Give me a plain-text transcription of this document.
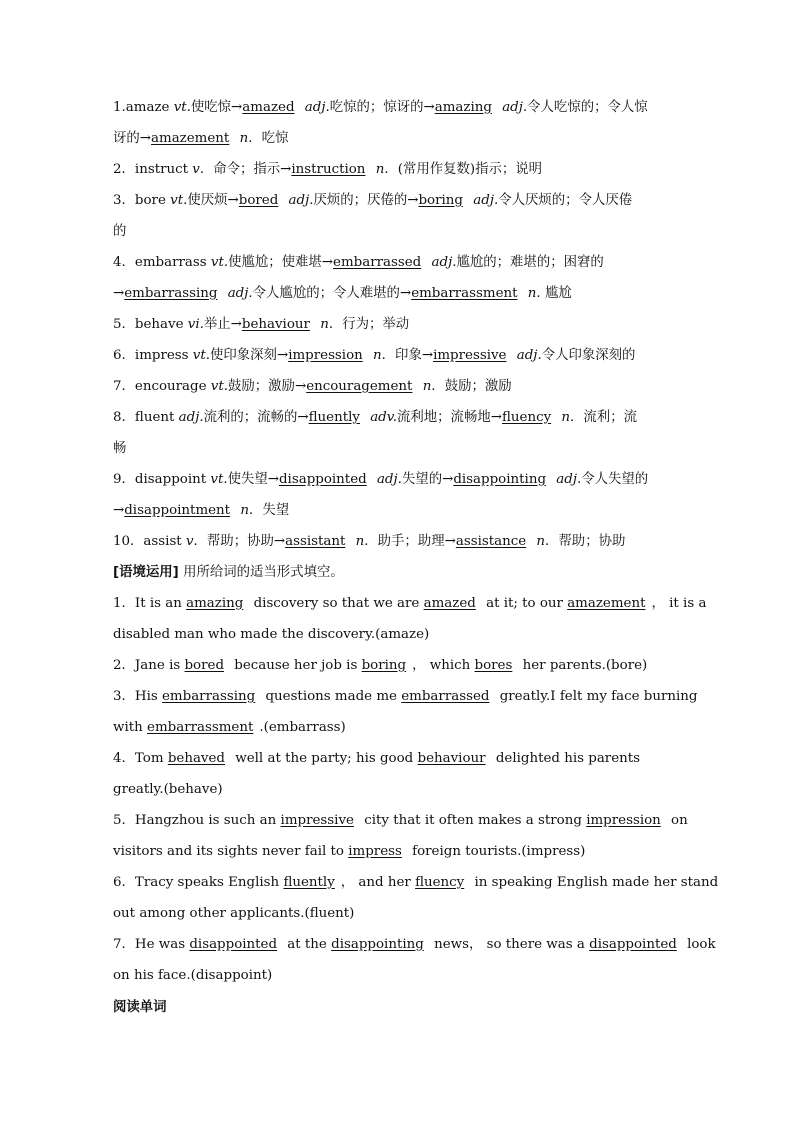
1.amaze vt.使吃惊→amazed adj.吃惊的；惊讶的→amazing adj.令人吃惊的；令人惊
讶的→amazement n．吃惊
2．instruct v．命令；指示→instruction n．(常用作复数)指示；说明
3．bore vt.使厌烦→bored adj.厌烦的；厌倦的→boring adj.令人厌烦的；令人厌倦
的
4．embarrass vt.使尴尬；使难堪→embarrassed adj.尴尬的；难堪的；困窘的
→embarrassing adj.令人尴尬的；令人难堪的→embarrassment n. 尴尬
5．behave vi.举止→behaviour n．行为；举动
6．impress vt.使印象深刻→impression n．印象→impressive adj.令人印象深刻的
7．encourage vt.鼓励；激励→encouragement n．鼓励；激励
8．fluent adj.流利的；流畅的→fluently adv.流利地；流畅地→fluency n．流利；流
畅
9．disappoint vt.使失望→disappointed adj.失望的→disappointing adj.令人失望的
→disappointment n．失望
10．assist v．帮助；协助→assistant n．助手；助理→assistance n．帮助；协助
[语境运用] 用所给词的适当形式填空。
1．It is an amazing discovery so that we are amazed at it; to our amazement ， it is a
disabled man who made the discovery.(amaze)
2．Jane is bored because her job is boring ， which bores her parents.(bore)
3．His embarrassing questions made me embarrassed greatly.I felt my face burning
with embarrassment .(embarrass)
4．Tom behaved well at the party; his good behaviour delighted his parents
greatly.(behave)
5．Hangzhou is such an impressive city that it often makes a strong impression on
visitors and its sights never fail to impress foreign tourists.(impress)
6．Tracy speaks English fluently ， and her fluency in speaking English made her stand
out among other applicants.(fluent)
7．He was disappointed at the disappointing news， so there was a disappointed look
on his face.(disappoint)
阅读单词
